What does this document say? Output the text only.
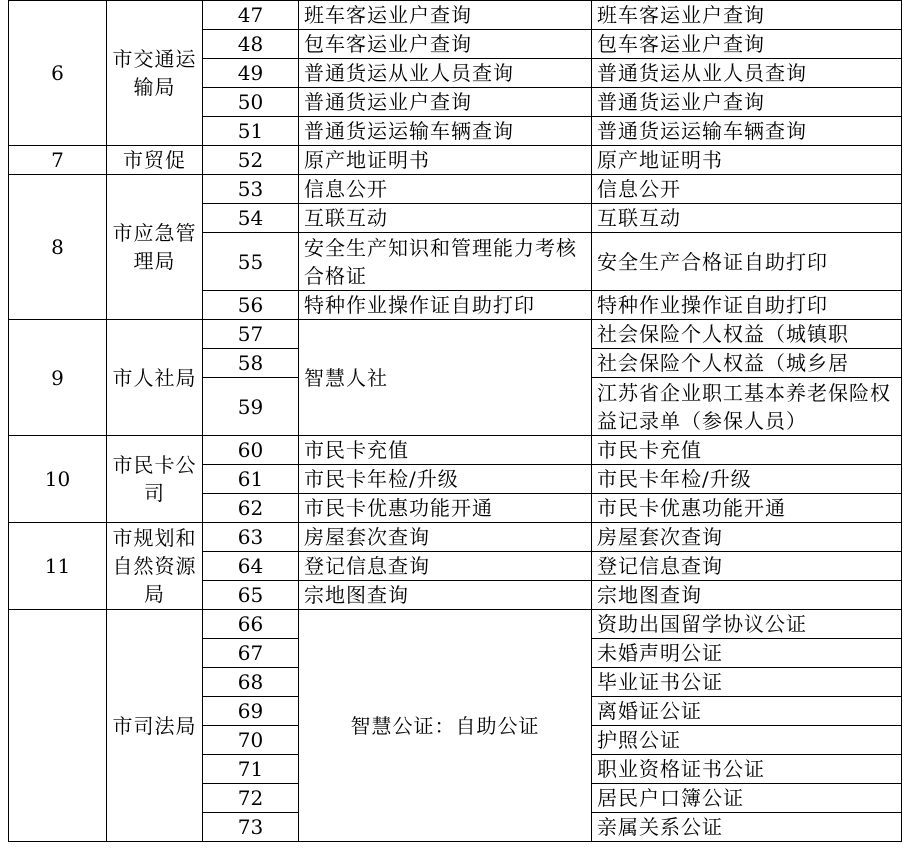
6	市交通运输局	47	班车客运业户查询	班车客运业户查询
		48	包车客运业户查询	包车客运业户查询
		49	普通货运从业人员查询	普通货运从业人员查询
		50	普通货运业户查询	普通货运业户查询
		51	普通货运运输车辆查询	普通货运运输车辆查询
7	市贸促	52	原产地证明书	原产地证明书
8	市应急管理局	53	信息公开	信息公开
		54	互联互动	互联互动
		55	安全生产知识和管理能力考核合格证	安全生产合格证自助打印
		56	特种作业操作证自助打印	特种作业操作证自助打印
9	市人社局	57	智慧人社	社会保险个人权益（城镇职
		58		社会保险个人权益（城乡居
		59		江苏省企业职工基本养老保险权益记录单（参保人员）
10	市民卡公司	60	市民卡充值	市民卡充值
		61	市民卡年检/升级	市民卡年检/升级
		62	市民卡优惠功能开通	市民卡优惠功能开通
11	市规划和自然资源局	63	房屋套次查询	房屋套次查询
		64	登记信息查询	登记信息查询
		65	宗地图查询	宗地图查询
	市司法局	66	智慧公证：自助公证	资助出国留学协议公证
		67		未婚声明公证
		68		毕业证书公证
		69		离婚证公证
		70		护照公证
		71		职业资格证书公证
		72		居民户口簿公证
		73		亲属关系公证
